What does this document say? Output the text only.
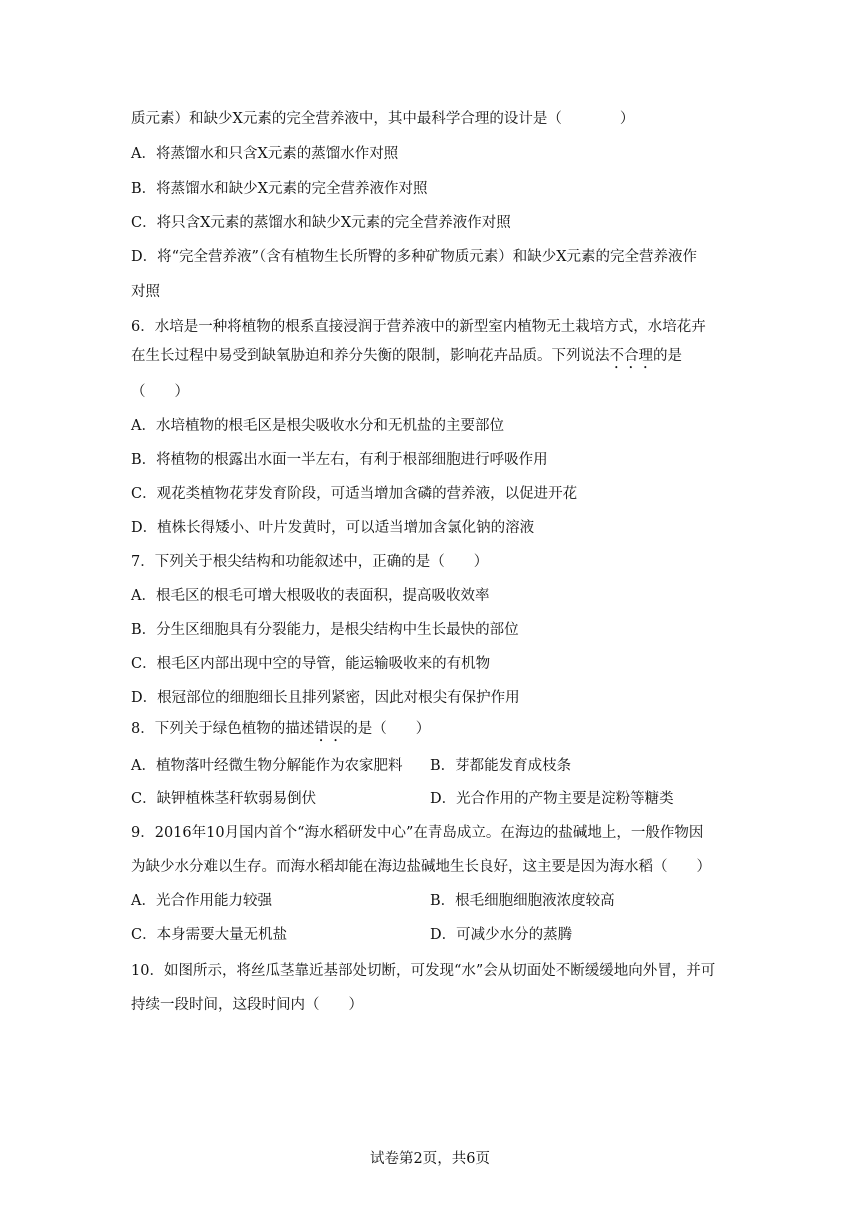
质元素）和缺少X元素的完全营养液中，其中最科学合理的设计是（　　　　）
A．将蒸馏水和只含X元素的蒸馏水作对照
B．将蒸馏水和缺少X元素的完全营养液作对照
C．将只含X元素的蒸馏水和缺少X元素的完全营养液作对照
D．将“完全营养液”（含有植物生长所臀的多种矿物质元素）和缺少X元素的完全营养液作
对照
6．水培是一种将植物的根系直接浸润于营养液中的新型室内植物无土栽培方式，水培花卉
在生长过程中易受到缺氧胁迫和养分失衡的限制，影响花卉品质。下列说法不合理的是
（　　）
A．水培植物的根毛区是根尖吸收水分和无机盐的主要部位
B．将植物的根露出水面一半左右，有利于根部细胞进行呼吸作用
C．观花类植物花芽发育阶段，可适当增加含磷的营养液，以促进开花
D．植株长得矮小、叶片发黄时，可以适当增加含氯化钠的溶液
7．下列关于根尖结构和功能叙述中，正确的是（　　）
A．根毛区的根毛可增大根吸收的表面积，提高吸收效率
B．分生区细胞具有分裂能力，是根尖结构中生长最快的部位
C．根毛区内部出现中空的导管，能运输吸收来的有机物
D．根冠部位的细胞细长且排列紧密，因此对根尖有保护作用
8．下列关于绿色植物的描述错误的是（　　）
A．植物落叶经微生物分解能作为农家肥料 B．芽都能发育成枝条
C．缺钾植株茎秆软弱易倒伏	D．光合作用的产物主要是淀粉等糖类
9．2016年10月国内首个“海水稻研发中心”在青岛成立。在海边的盐碱地上，一般作物因
为缺少水分难以生存。而海水稻却能在海边盐碱地生长良好，这主要是因为海水稻（　　）
A．光合作用能力较强	B．根毛细胞细胞液浓度较高
C．本身需要大量无机盐	D．可减少水分的蒸腾
10．如图所示，将丝瓜茎靠近基部处切断，可发现“水”会从切面处不断缓缓地向外冒，并可
持续一段时间，这段时间内（　　）
试卷第2页，共6页
